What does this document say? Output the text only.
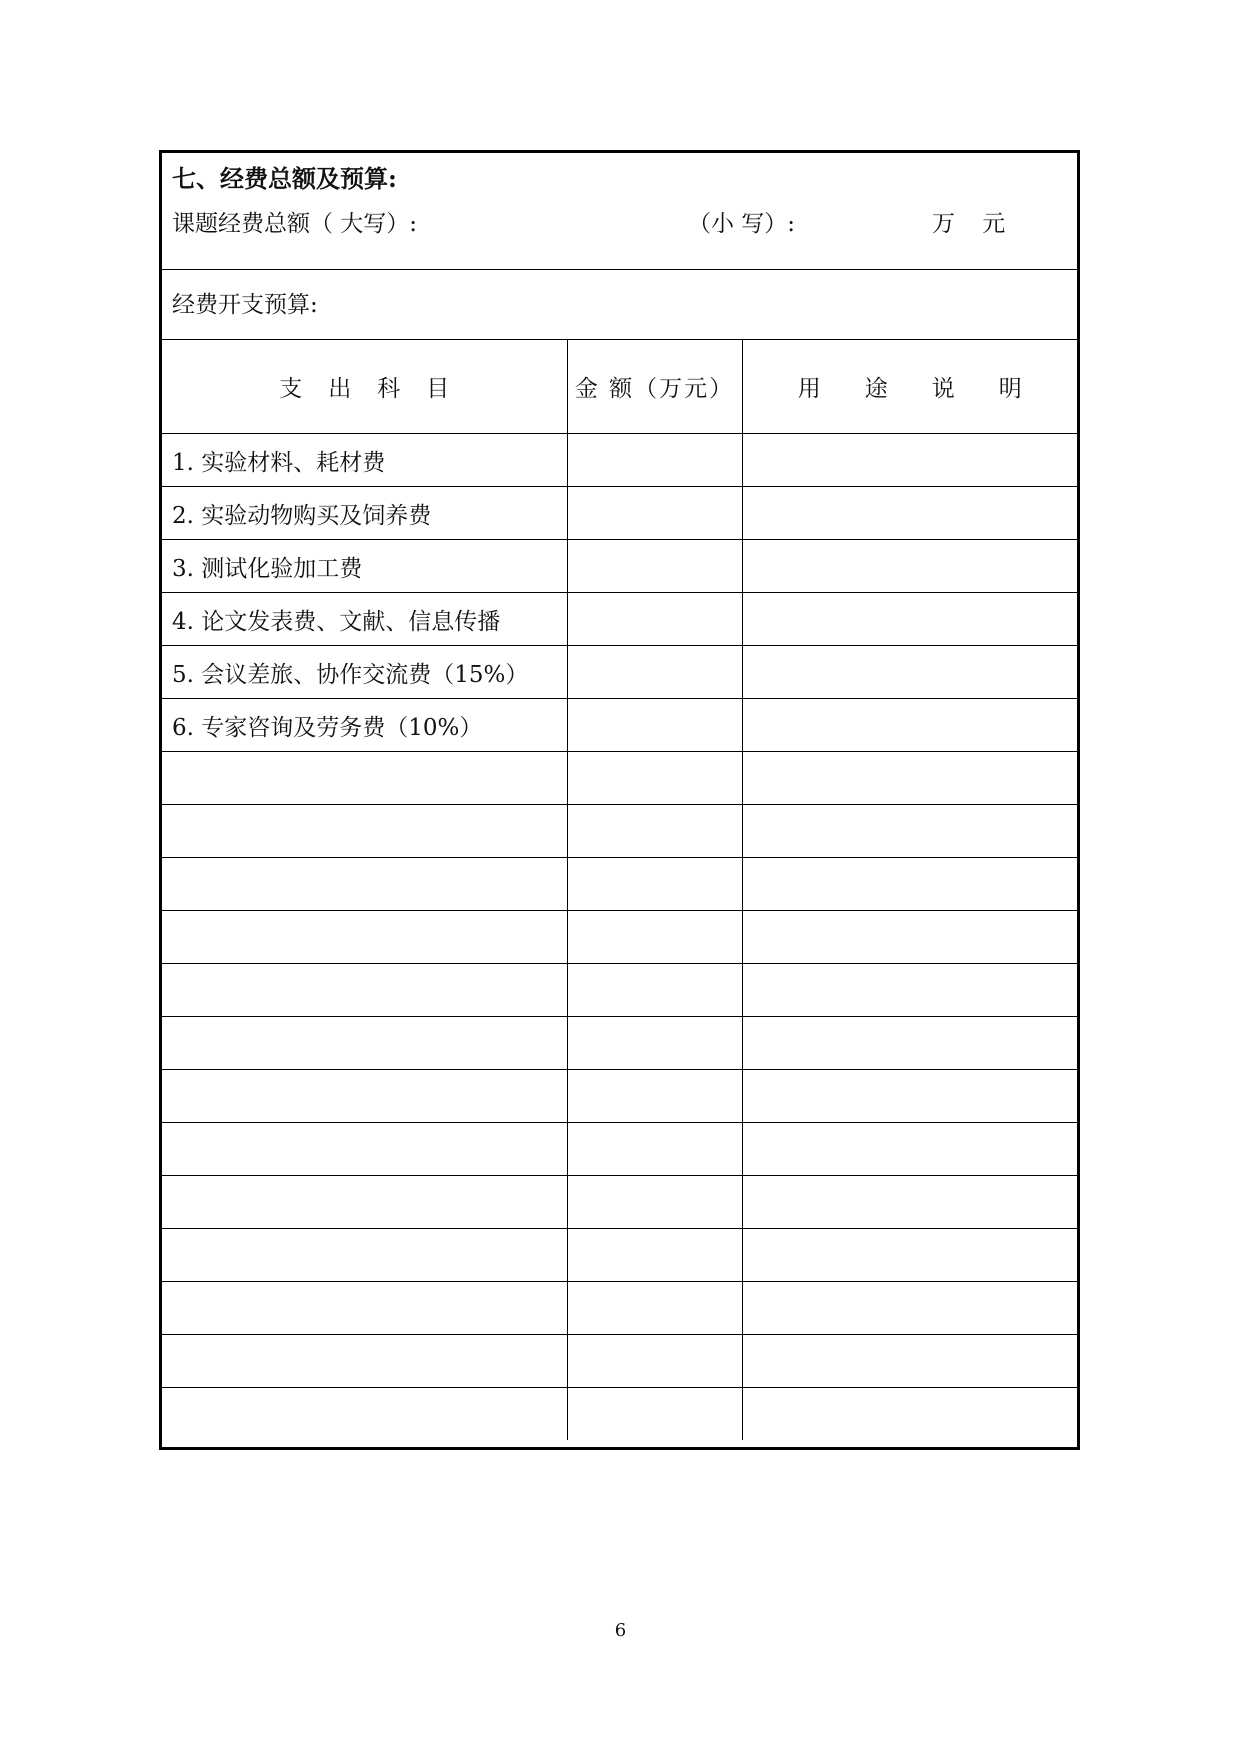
七、经费总额及预算:
课题经费总额（ 大写）:	（小 写）:	万 元
经费开支预算:
支出科目	金 额（万元）	用途说明
1. 实验材料、耗材费		
2. 实验动物购买及饲养费		
3. 测试化验加工费		
4. 论文发表费、文献、信息传播		
5. 会议差旅、协作交流费（15%）		
6. 专家咨询及劳务费（10%）		

6
